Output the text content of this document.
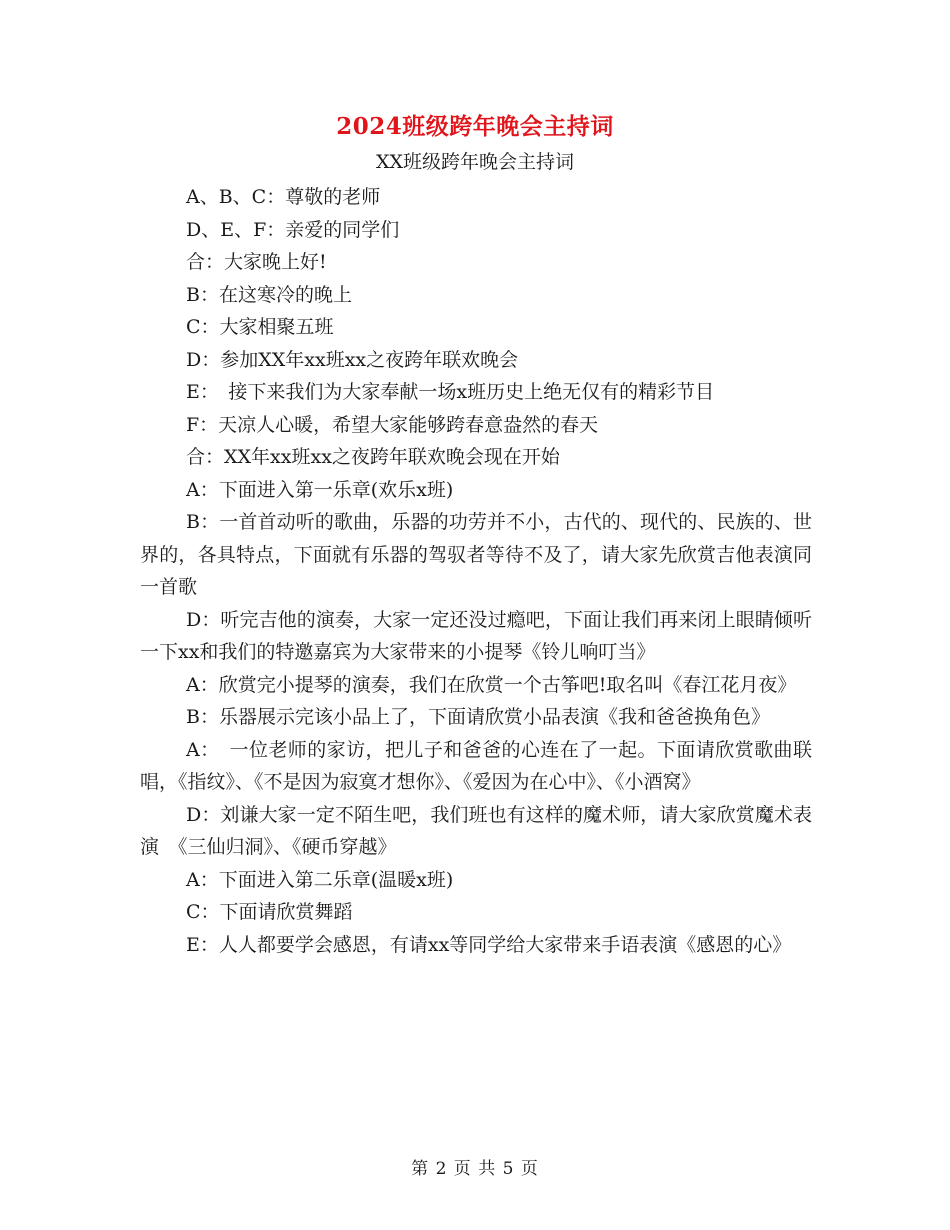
2024班级跨年晚会主持词
XX班级跨年晚会主持词

A、B、C：尊敬的老师

D、E、F：亲爱的同学们

合：大家晚上好!

B：在这寒冷的晚上

C：大家相聚五班

D：参加XX年xx班xx之夜跨年联欢晚会

E：　接下来我们为大家奉献一场x班历史上绝无仅有的精彩节目

F：天凉人心暖，希望大家能够跨春意盎然的春天

合：XX年xx班xx之夜跨年联欢晚会现在开始

A：下面进入第一乐章(欢乐x班)

B：一首首动听的歌曲，乐器的功劳并不小，古代的、现代的、民族的、世界的，各具特点，下面就有乐器的驾驭者等待不及了，请大家先欣赏吉他表演同一首歌

D：听完吉他的演奏，大家一定还没过瘾吧，下面让我们再来闭上眼睛倾听一下xx和我们的特邀嘉宾为大家带来的小提琴《铃儿响叮当》

A：欣赏完小提琴的演奏，我们在欣赏一个古筝吧!取名叫《春江花月夜》

B：乐器展示完该小品上了，下面请欣赏小品表演《我和爸爸换角色》

A：　一位老师的家访，把儿子和爸爸的心连在了一起。下面请欣赏歌曲联唱，《指纹》、《不是因为寂寞才想你》、《爱因为在心中》、《小酒窝》

D：刘谦大家一定不陌生吧，我们班也有这样的魔术师，请大家欣赏魔术表演　《三仙归洞》、《硬币穿越》

A：下面进入第二乐章(温暖x班)

C：下面请欣赏舞蹈

E：人人都要学会感恩，有请xx等同学给大家带来手语表演《感恩的心》

第 2 页 共 5 页
